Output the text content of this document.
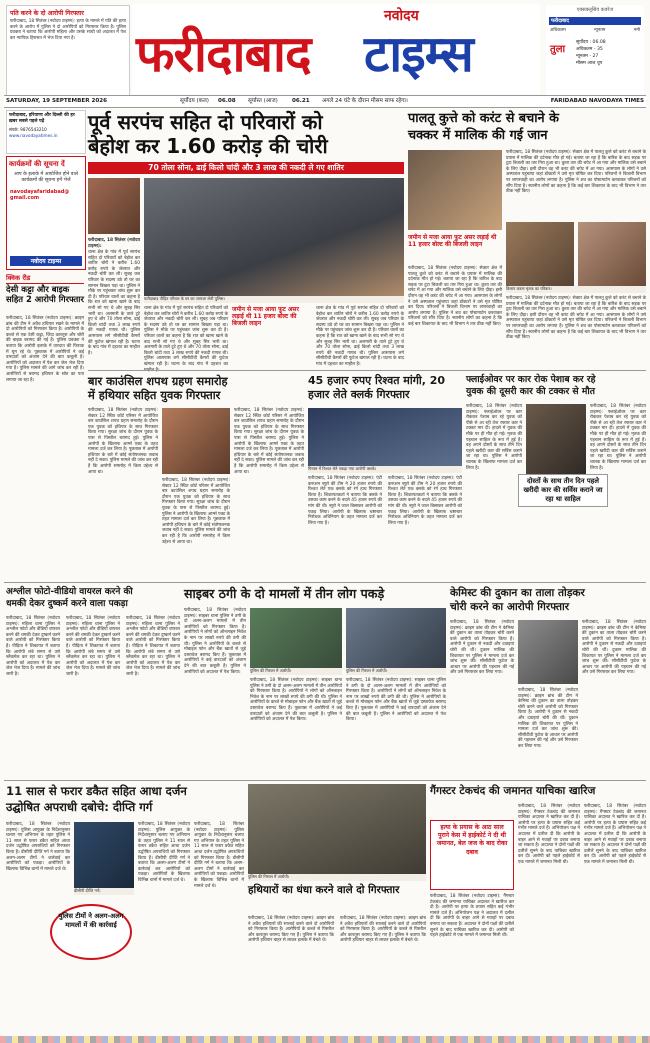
पति करने के दो आरोपी गिरफ्तार
फरीदाबाद, 18 सितंबर (नवोदय टाइम्स): हत्या के मामले में पति की हत्या करने के आरोप में पुलिस ने दो आरोपियों को गिरफ्तार किया है। पुलिस प्रवक्ता ने बताया कि आरोपी महिला और उसके साथी को अदालत में पेश कर न्यायिक हिरासत में भेज दिया गया है।
नवोदय
फरीदाबाद टाइम्स
एक्सक्लूसिव कवरेज
फरीदाबाद
अधिकतम	न्यूनतम	नमी
तुला
सूर्योदय : 06.08
अधिकतम - 35
न्यूनतम - 27
मौसम आज धूप
SATURDAY, 19 SEPTEMBER 2026	सूर्योदय (कल) 06.08 सूर्यास्त (आज)	06.21 अगले 24 घंटे के दौरान मौसम साफ रहेगा।	FARIDABAD NAVODAYA TIMES
फरीदाबाद, हरियाणा और दिल्ली की हर ख़बर सबसे पहले पढ़ें
संपर्क: 9876543210
www.navodayatimes.in
कार्यक्रमों की सूचना दें
आप के इलाके में आयोजित होने वाले कार्यक्रमों की सूचना हमें भेजें
navodayafaridabad@
gmail.com
नवोदय टाइम्स
क्विक रीड
देसी कट्टा और बाइक सहित 2 आरोपी गिरफ्तार
फरीदाबाद, 18 सितंबर (नवोदय टाइम्स): क्राइम ब्रांच की टीम ने अवैध हथियार रखने के मामले में दो आरोपियों को गिरफ्तार किया है। आरोपियों के कब्जे से एक देसी कट्टा, जिंदा कारतूस और चोरी की बाइक बरामद की गई है। पुलिस प्रवक्ता ने बताया कि आरोपी इलाके में वारदात की फिराक में घूम रहे थे। पूछताछ में आरोपियों ने कई वारदातों को अंजाम देने की बात कबूली है। आरोपियों को अदालत में पेश कर जेल भेज दिया गया है। पुलिस मामले की आगे जांच कर रही है। आरोपियों से बरामद हथियार के स्रोत का पता लगाया जा रहा है।
पूर्व सरपंच सहित दो परिवारों को
बेहोश कर 1.60 करोड़ की चोरी
70 तोला सोना, ढाई किलो चांदी और 3 लाख की नकदी ले गए शातिर
फरीदाबाद, 18 सितंबर (नवोदय टाइम्स):
थाना क्षेत्र के गांव में पूर्व सरपंच सहित दो परिवारों को बेहोश कर शातिर चोरों ने करीब 1.60 करोड़ रुपये के जेवरात और नकदी चोरी कर ली। सुबह जब परिवार के सदस्य उठे तो घर का सामान बिखरा पड़ा था। पुलिस ने मौके पर पहुंचकर जांच शुरू कर दी है। परिवार वालों का कहना है कि रात को खाना खाने के बाद सभी सो गए थे और सुबह सिर भारी था। अलमारी के ताले टूटे हुए थे और 70 तोला सोना, ढाई किलो चांदी तथा 3 लाख रुपये की नकदी गायब थी। पुलिस आसपास लगे सीसीटीवी कैमरों की फुटेज खंगाल रही है। घटना के बाद गांव में दहशत का माहौल है।
फरीदाबाद पीड़ित परिवार के घर का जायजा लेती पुलिस।
थाना क्षेत्र के गांव में पूर्व सरपंच सहित दो परिवारों को बेहोश कर शातिर चोरों ने करीब 1.60 करोड़ रुपये के जेवरात और नकदी चोरी कर ली। सुबह जब परिवार के सदस्य उठे तो घर का सामान बिखरा पड़ा था। पुलिस ने मौके पर पहुंचकर जांच शुरू कर दी है। परिवार वालों का कहना है कि रात को खाना खाने के बाद सभी सो गए थे और सुबह सिर भारी था। अलमारी के ताले टूटे हुए थे और 70 तोला सोना, ढाई किलो चांदी तथा 3 लाख रुपये की नकदी गायब थी। पुलिस आसपास लगे सीसीटीवी कैमरों की फुटेज खंगाल रही है। घटना के बाद गांव में दहशत का
जमीन से मजा आया फूट असर लड़ाई थी 11 हजार बोल्ट की बिजली लाइन
थाना क्षेत्र के गांव में पूर्व सरपंच सहित दो परिवारों को बेहोश कर शातिर चोरों ने करीब 1.60 करोड़ रुपये के जेवरात और नकदी चोरी कर ली। सुबह जब परिवार के सदस्य उठे तो घर का सामान बिखरा पड़ा था। पुलिस ने मौके पर पहुंचकर जांच शुरू कर दी है। परिवार वालों का कहना है कि रात को खाना खाने के बाद सभी सो गए थे और सुबह सिर भारी था। अलमारी के ताले टूटे हुए थे और 70 तोला सोना, ढाई किलो चांदी तथा 3 लाख रुपये की नकदी गायब थी। पुलिस आसपास लगे सीसीटीवी कैमरों की फुटेज खंगाल रही है। घटना के बाद गांव में दहशत का माहौल है।
पालतू कुत्ते को करंट से बचाने के
चक्कर में मालिक की गई जान
जमीन से मजा आया फूट असर लड़ाई थी 11 हजार बोल्ट की बिजली लाइन
फरीदाबाद, 18 सितंबर (नवोदय टाइम्स): सेक्टर क्षेत्र में पालतू कुत्ते को करंट से बचाने के प्रयास में मालिक की दर्दनाक मौत हो गई। बताया जा रहा है कि बारिश के बाद सड़क पर टूटा बिजली का तार गिरा हुआ था। कुत्ता तार की चपेट में आ गया और मालिक उसे बचाने के लिए दौड़ा। इसी दौरान वह भी करंट की चपेट में आ गया। आसपास के लोगों ने उसे अस्पताल पहुंचाया जहां डॉक्टरों ने उसे मृत घोषित कर दिया। परिजनों ने बिजली विभाग पर लापरवाही का आरोप लगाया है। पुलिस ने शव का पोस्टमार्टम करवाकर परिजनों को सौंप दिया है। स्थानीय लोगों का कहना है कि कई बार शिकायत के बाद भी विभाग ने तार ठीक नहीं किए।
फरीदाबाद, 18 सितंबर (नवोदय टाइम्स): सेक्टर क्षेत्र में पालतू कुत्ते को करंट से बचाने के प्रयास में मालिक की दर्दनाक मौत हो गई। बताया जा रहा है कि बारिश के बाद सड़क पर टूटा बिजली का तार गिरा हुआ था। कुत्ता तार की चपेट में आ गया और मालिक उसे बचाने के लिए दौड़ा। इसी दौरान वह भी करंट की चपेट में आ गया। आसपास के लोगों ने उसे अस्पताल पहुंचाया जहां डॉक्टरों ने उसे मृत घोषित कर दिया। परिजनों ने बिजली विभाग पर लापरवाही का आरोप लगाया है। पुलिस ने शव का पोस्टमार्टम करवाकर परिजनों को सौंप दिया है। स्थानीय लोगों का कहना है कि कई बार शिकायत के बाद भी विभाग ने तार ठीक नहीं किए।
विलाप करता मृतक का परिवार।
फरीदाबाद, 18 सितंबर (नवोदय टाइम्स): सेक्टर क्षेत्र में पालतू कुत्ते को करंट से बचाने के प्रयास में मालिक की दर्दनाक मौत हो गई। बताया जा रहा है कि बारिश के बाद सड़क पर टूटा बिजली का तार गिरा हुआ था। कुत्ता तार की चपेट में आ गया और मालिक उसे बचाने के लिए दौड़ा। इसी दौरान वह भी करंट की चपेट में आ गया। आसपास के लोगों ने उसे अस्पताल पहुंचाया जहां डॉक्टरों ने उसे मृत घोषित कर दिया। परिजनों ने बिजली विभाग पर लापरवाही का आरोप लगाया है। पुलिस ने शव का पोस्टमार्टम करवाकर परिजनों को सौंप दिया है। स्थानीय लोगों का कहना है कि कई बार शिकायत के बाद भी विभाग ने तार ठीक नहीं किए।
बार काउंसिल शपथ ग्रहण समारोह
में हथियार सहित युवक गिरफ्तार
फरीदाबाद, 18 सितंबर (नवोदय टाइम्स): सेक्टर 12 स्थित कोर्ट परिसर में आयोजित बार काउंसिल शपथ ग्रहण समारोह के दौरान एक युवक को हथियार के साथ गिरफ्तार किया गया। सुरक्षा जांच के दौरान युवक के पास से पिस्तौल बरामद हुई। पुलिस ने आरोपी के खिलाफ आर्म्स एक्ट के तहत मामला दर्ज कर लिया है। पूछताछ में आरोपी हथियार के बारे में कोई संतोषजनक जवाब नहीं दे सका। पुलिस मामले की जांच कर रही है कि आरोपी समारोह में किस उद्देश्य से आया था।
फरीदाबाद, 18 सितंबर (नवोदय टाइम्स): सेक्टर 12 स्थित कोर्ट परिसर में आयोजित बार काउंसिल शपथ ग्रहण समारोह के दौरान एक युवक को हथियार के साथ गिरफ्तार किया गया। सुरक्षा जांच के दौरान युवक के पास से पिस्तौल बरामद हुई। पुलिस ने आरोपी के खिलाफ आर्म्स एक्ट के तहत मामला दर्ज कर लिया है। पूछताछ में आरोपी हथियार के बारे में कोई संतोषजनक जवाब नहीं दे सका। पुलिस मामले की जांच कर रही है कि आरोपी समारोह में किस उद्देश्य से आया था।
फरीदाबाद, 18 सितंबर (नवोदय टाइम्स): सेक्टर 12 स्थित कोर्ट परिसर में आयोजित बार काउंसिल शपथ ग्रहण समारोह के दौरान एक युवक को हथियार के साथ गिरफ्तार किया गया। सुरक्षा जांच के दौरान युवक के पास से पिस्तौल बरामद हुई। पुलिस ने आरोपी के खिलाफ आर्म्स एक्ट के तहत मामला दर्ज कर लिया है। पूछताछ में आरोपी हथियार के बारे में कोई संतोषजनक जवाब नहीं दे सका। पुलिस मामले की जांच कर रही है कि आरोपी समारोह में किस उद्देश्य से आया था।
45 हजार रुपए रिश्वत मांगी, 20
हजार लेते क्लर्क गिरफ्तार
गिरफ्त में रिश्वत लेते पकड़ा गया आरोपी क्लर्क।
फरीदाबाद, 18 सितंबर (नवोदय टाइम्स): एंटी करप्शन ब्यूरो की टीम ने 20 हजार रुपये की रिश्वत लेते एक क्लर्क को रंगे हाथ गिरफ्तार किया है। शिकायतकर्ता ने बताया कि क्लर्क ने उसका काम करने के बदले 45 हजार रुपये की मांग की थी। ब्यूरो ने जाल बिछाकर आरोपी को पकड़ लिया। आरोपी के खिलाफ भ्रष्टाचार निरोधक अधिनियम के तहत मामला दर्ज कर लिया गया है।
फरीदाबाद, 18 सितंबर (नवोदय टाइम्स): एंटी करप्शन ब्यूरो की टीम ने 20 हजार रुपये की रिश्वत लेते एक क्लर्क को रंगे हाथ गिरफ्तार किया है। शिकायतकर्ता ने बताया कि क्लर्क ने उसका काम करने के बदले 45 हजार रुपये की मांग की थी। ब्यूरो ने जाल बिछाकर आरोपी को पकड़ लिया। आरोपी के खिलाफ भ्रष्टाचार निरोधक अधिनियम के तहत मामला दर्ज कर लिया गया है।
फ्लाईओवर पर कार रोक पेशाब कर रहे
युवक की दूसरी कार की टक्कर से मौत
फरीदाबाद, 18 सितंबर (नवोदय टाइम्स): फ्लाईओवर पर कार रोककर पेशाब कर रहे युवक को पीछे से आ रही तेज रफ्तार कार ने टक्कर मार दी। हादसे में युवक की मौके पर ही मौत हो गई। मृतक की पहचान साहिल के रूप में हुई है। वह अपने दोस्तों के साथ तीन दिन पहले खरीदी कार की सर्विस कराने जा रहा था। पुलिस ने आरोपी चालक के खिलाफ मामला दर्ज कर लिया है।
दोस्तों के साथ तीन दिन पहले खरीदी कार की सर्विस कराने जा रहा था साहिल
फरीदाबाद, 18 सितंबर (नवोदय टाइम्स): फ्लाईओवर पर कार रोककर पेशाब कर रहे युवक को पीछे से आ रही तेज रफ्तार कार ने टक्कर मार दी। हादसे में युवक की मौके पर ही मौत हो गई। मृतक की पहचान साहिल के रूप में हुई है। वह अपने दोस्तों के साथ तीन दिन पहले खरीदी कार की सर्विस कराने जा रहा था। पुलिस ने आरोपी चालक के खिलाफ मामला दर्ज कर लिया है।
अश्लील फोटो-वीडियो वायरल करने की
धमकी देकर दुष्कर्म करने वाला पकड़ा
फरीदाबाद, 18 सितंबर (नवोदय टाइम्स): महिला थाना पुलिस ने अश्लील फोटो और वीडियो वायरल करने की धमकी देकर दुष्कर्म करने वाले आरोपी को गिरफ्तार किया है। पीड़िता ने शिकायत में बताया कि आरोपी लंबे समय से उसे ब्लैकमेल कर रहा था। पुलिस ने आरोपी को अदालत में पेश कर जेल भेज दिया है। मामले की जांच जारी है।
फरीदाबाद, 18 सितंबर (नवोदय टाइम्स): महिला थाना पुलिस ने अश्लील फोटो और वीडियो वायरल करने की धमकी देकर दुष्कर्म करने वाले आरोपी को गिरफ्तार किया है। पीड़िता ने शिकायत में बताया कि आरोपी लंबे समय से उसे ब्लैकमेल कर रहा था। पुलिस ने आरोपी को अदालत में पेश कर जेल भेज दिया है। मामले की जांच जारी है।
फरीदाबाद, 18 सितंबर (नवोदय टाइम्स): महिला थाना पुलिस ने अश्लील फोटो और वीडियो वायरल करने की धमकी देकर दुष्कर्म करने वाले आरोपी को गिरफ्तार किया है। पीड़िता ने शिकायत में बताया कि आरोपी लंबे समय से उसे ब्लैकमेल कर रहा था। पुलिस ने आरोपी को अदालत में पेश कर जेल भेज दिया है। मामले की जांच जारी है।
साइबर ठगी के दो मामलों में तीन लोग पकड़े
फरीदाबाद, 18 सितंबर (नवोदय टाइम्स): साइबर थाना पुलिस ने ठगी के दो अलग-अलग मामलों में तीन आरोपियों को गिरफ्तार किया है। आरोपियों ने लोगों को ऑनलाइन निवेश के नाम पर लाखों रुपये की ठगी की थी। पुलिस ने आरोपियों के कब्जे से मोबाइल फोन और बैंक खातों से जुड़े दस्तावेज बरामद किए हैं। पूछताछ में आरोपियों ने कई वारदातों को अंजाम देने की बात कबूली है। पुलिस ने आरोपियों को अदालत में पेश किया।	पुलिस की गिरफ्त में आरोपी।
फरीदाबाद, 18 सितंबर (नवोदय टाइम्स): साइबर थाना पुलिस ने ठगी के दो अलग-अलग मामलों में तीन आरोपियों को गिरफ्तार किया है। आरोपियों ने लोगों को ऑनलाइन निवेश के नाम पर लाखों रुपये की ठगी की थी। पुलिस ने आरोपियों के कब्जे से मोबाइल फोन और बैंक खातों से जुड़े दस्तावेज बरामद किए हैं। पूछताछ में आरोपियों ने कई वारदातों को अंजाम देने की बात कबूली है। पुलिस ने आरोपियों को अदालत में पेश किया।
पुलिस की गिरफ्त में आरोपी।
फरीदाबाद, 18 सितंबर (नवोदय टाइम्स): साइबर थाना पुलिस ने ठगी के दो अलग-अलग मामलों में तीन आरोपियों को गिरफ्तार किया है। आरोपियों ने लोगों को ऑनलाइन निवेश के नाम पर लाखों रुपये की ठगी की थी। पुलिस ने आरोपियों के कब्जे से मोबाइल फोन और बैंक खातों से जुड़े दस्तावेज बरामद किए हैं। पूछताछ में आरोपियों ने कई वारदातों को अंजाम देने की बात कबूली है। पुलिस ने आरोपियों को अदालत में पेश किया।
केमिस्ट की दुकान का ताला तोड़कर
चोरी करने का आरोपी गिरफ्तार
फरीदाबाद, 18 सितंबर (नवोदय टाइम्स): क्राइम ब्रांच की टीम ने केमिस्ट की दुकान का ताला तोड़कर चोरी करने वाले आरोपी को गिरफ्तार किया है। आरोपी ने दुकान से नकदी और दवाइयां चोरी की थीं। दुकान मालिक की शिकायत पर पुलिस ने मामला दर्ज कर जांच शुरू की। सीसीटीवी फुटेज के आधार पर आरोपी की पहचान की गई और उसे गिरफ्तार कर लिया गया।
फरीदाबाद, 18 सितंबर (नवोदय टाइम्स): क्राइम ब्रांच की टीम ने केमिस्ट की दुकान का ताला तोड़कर चोरी करने वाले आरोपी को गिरफ्तार किया है। आरोपी ने दुकान से नकदी और दवाइयां चोरी की थीं। दुकान मालिक की शिकायत पर पुलिस ने मामला दर्ज कर जांच शुरू की। सीसीटीवी फुटेज के आधार पर आरोपी की पहचान की गई और उसे गिरफ्तार कर लिया गया।
फरीदाबाद, 18 सितंबर (नवोदय टाइम्स): क्राइम ब्रांच की टीम ने केमिस्ट की दुकान का ताला तोड़कर चोरी करने वाले आरोपी को गिरफ्तार किया है। आरोपी ने दुकान से नकदी और दवाइयां चोरी की थीं। दुकान मालिक की शिकायत पर पुलिस ने मामला दर्ज कर जांच शुरू की। सीसीटीवी फुटेज के आधार पर आरोपी की पहचान की गई और उसे गिरफ्तार कर लिया गया।
11 साल से फरार डकैत सहित आधा दर्जन
उद्घोषित अपराधी दबोचे: दीप्ति गर्ग
फरीदाबाद, 18 सितंबर (नवोदय टाइम्स): पुलिस आयुक्त के निर्देशानुसार चलाए गए अभियान के तहत पुलिस ने 11 साल से फरार डकैत सहित आधा दर्जन उद्घोषित अपराधियों को गिरफ्तार किया है। डीसीपी दीप्ति गर्ग ने बताया कि अलग-अलग टीमों ने कार्रवाई कर आरोपियों को पकड़ा। आरोपियों के खिलाफ विभिन्न थानों में मामले दर्ज थे।
डीसीपी दीप्ति गर्ग।
पुलिस टीमों ने अलग-अलग मामलों में की कार्रवाई
फरीदाबाद, 18 सितंबर (नवोदय टाइम्स): पुलिस आयुक्त के निर्देशानुसार चलाए गए अभियान के तहत पुलिस ने 11 साल से फरार डकैत सहित आधा दर्जन उद्घोषित अपराधियों को गिरफ्तार किया है। डीसीपी दीप्ति गर्ग ने बताया कि अलग-अलग टीमों ने कार्रवाई कर आरोपियों को पकड़ा। आरोपियों के खिलाफ विभिन्न थानों में मामले दर्ज थे।
फरीदाबाद, 18 सितंबर (नवोदय टाइम्स): पुलिस आयुक्त के निर्देशानुसार चलाए गए अभियान के तहत पुलिस ने 11 साल से फरार डकैत सहित आधा दर्जन उद्घोषित अपराधियों को गिरफ्तार किया है। डीसीपी दीप्ति गर्ग ने बताया कि अलग-अलग टीमों ने कार्रवाई कर आरोपियों को पकड़ा। आरोपियों के खिलाफ विभिन्न थानों में मामले दर्ज थे।
पुलिस की गिरफ्त में आरोपी।
हथियारों का धंधा करने वाले दो गिरफ्तार
फरीदाबाद, 18 सितंबर (नवोदय टाइम्स): क्राइम ब्रांच ने अवैध हथियारों की सप्लाई करने वाले दो आरोपियों को गिरफ्तार किया है। आरोपियों के कब्जे से पिस्तौल और कारतूस बरामद किए गए हैं। पुलिस ने बताया कि आरोपी हथियार बाहर से लाकर इलाके में बेचते थे।
फरीदाबाद, 18 सितंबर (नवोदय टाइम्स): क्राइम ब्रांच ने अवैध हथियारों की सप्लाई करने वाले दो आरोपियों को गिरफ्तार किया है। आरोपियों के कब्जे से पिस्तौल और कारतूस बरामद किए गए हैं। पुलिस ने बताया कि आरोपी हथियार बाहर से लाकर इलाके में बेचते थे।
गैंगस्टर टेकचंद की जमानत याचिका खारिज
हत्या के प्रयास के आठ साल पुराने केस में हाईकोर्ट ने दी थी जमानत, बेल जज के बाद रोका दबाव
फरीदाबाद, 18 सितंबर (नवोदय टाइम्स): गैंगस्टर टेकचंद की जमानत याचिका अदालत ने खारिज कर दी है। आरोपी पर हत्या के प्रयास सहित कई गंभीर मामले दर्ज हैं। अभियोजन पक्ष ने अदालत में दलील दी कि आरोपी के बाहर आने से गवाहों पर दबाव बनाया जा सकता है। अदालत ने दोनों पक्षों की दलीलें सुनने के बाद याचिका खारिज कर दी। आरोपी को पहले हाईकोर्ट से एक मामले में जमानत मिली थी।
फरीदाबाद, 18 सितंबर (नवोदय टाइम्स): गैंगस्टर टेकचंद की जमानत याचिका अदालत ने खारिज कर दी है। आरोपी पर हत्या के प्रयास सहित कई गंभीर मामले दर्ज हैं। अभियोजन पक्ष ने अदालत में दलील दी कि आरोपी के बाहर आने से गवाहों पर दबाव बनाया जा सकता है। अदालत ने दोनों पक्षों की दलीलें सुनने के बाद याचिका खारिज कर दी। आरोपी को पहले हाईकोर्ट से एक मामले में जमानत मिली थी।
फरीदाबाद, 18 सितंबर (नवोदय टाइम्स): गैंगस्टर टेकचंद की जमानत याचिका अदालत ने खारिज कर दी है। आरोपी पर हत्या के प्रयास सहित कई गंभीर मामले दर्ज हैं। अभियोजन पक्ष ने अदालत में दलील दी कि आरोपी के बाहर आने से गवाहों पर दबाव बनाया जा सकता है। अदालत ने दोनों पक्षों की दलीलें सुनने के बाद याचिका खारिज कर दी। आरोपी को पहले हाईकोर्ट से एक मामले में जमानत मिली थी।
